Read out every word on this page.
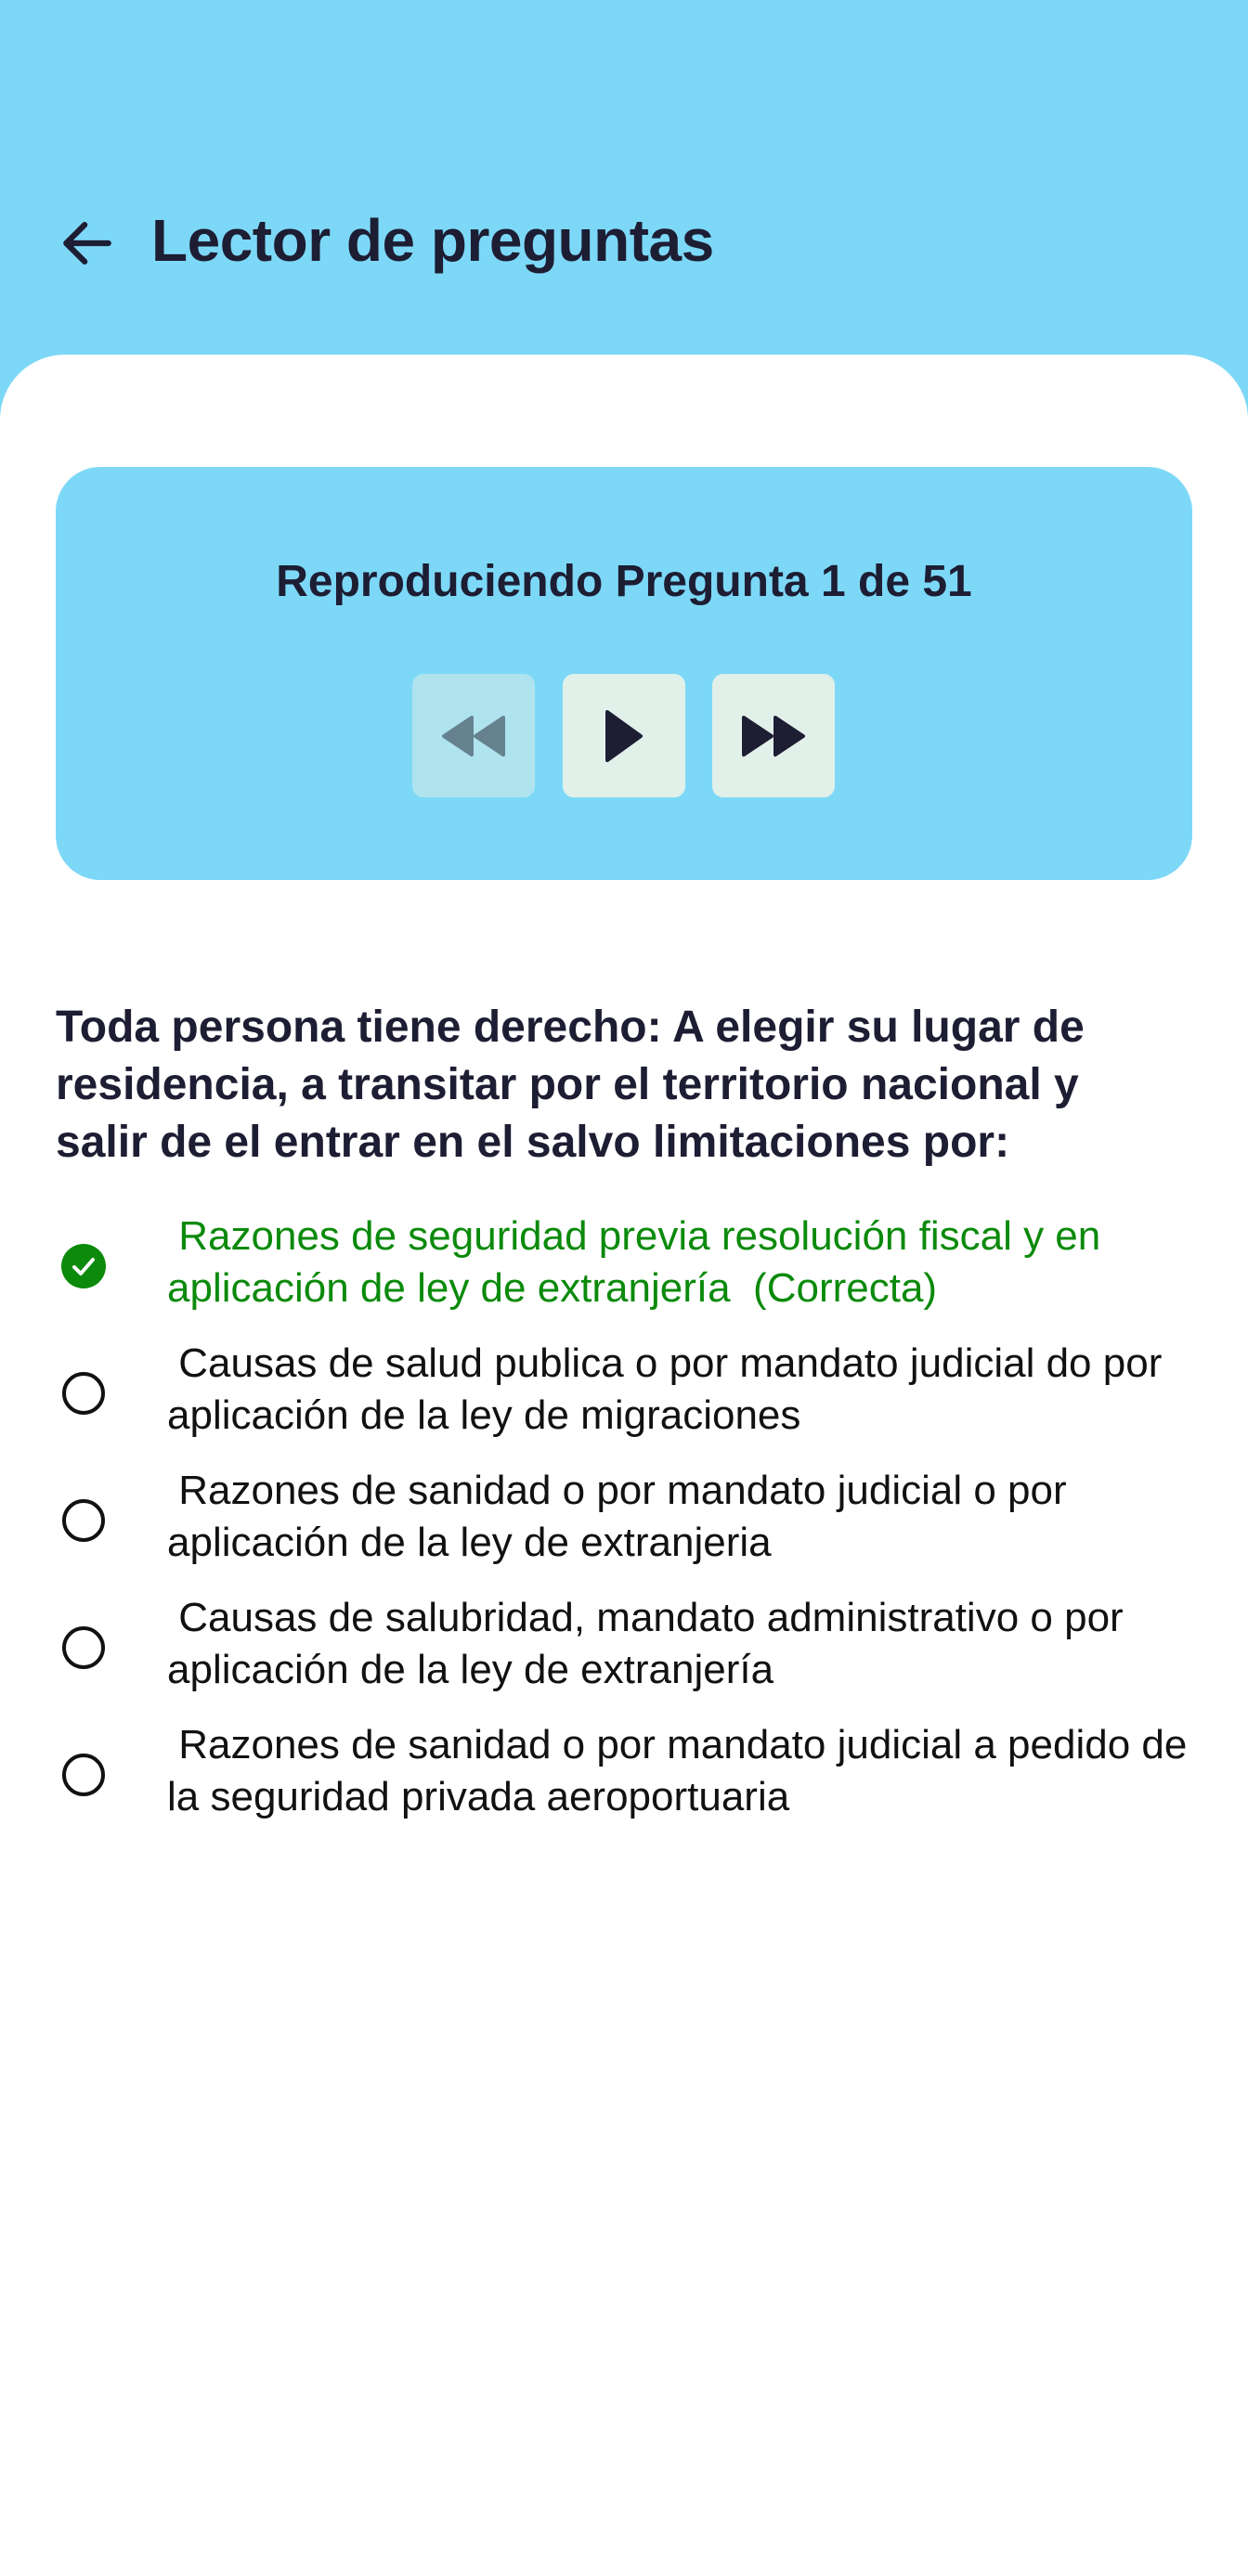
Lector de preguntas
Reproduciendo Pregunta 1 de 51
Toda persona tiene derecho: A elegir su lugar de residencia, a transitar por el territorio nacional y salir de el entrar en el salvo limitaciones por:
Razones de seguridad previa resolución fiscal y en aplicación de ley de extranjería  (Correcta)
Causas de salud publica o por mandato judicial do por aplicación de la ley de migraciones
Razones de sanidad o por mandato judicial o por aplicación de la ley de extranjeria
Causas de salubridad, mandato administrativo o por aplicación de la ley de extranjería
Razones de sanidad o por mandato judicial a pedido de la seguridad privada aeroportuaria
